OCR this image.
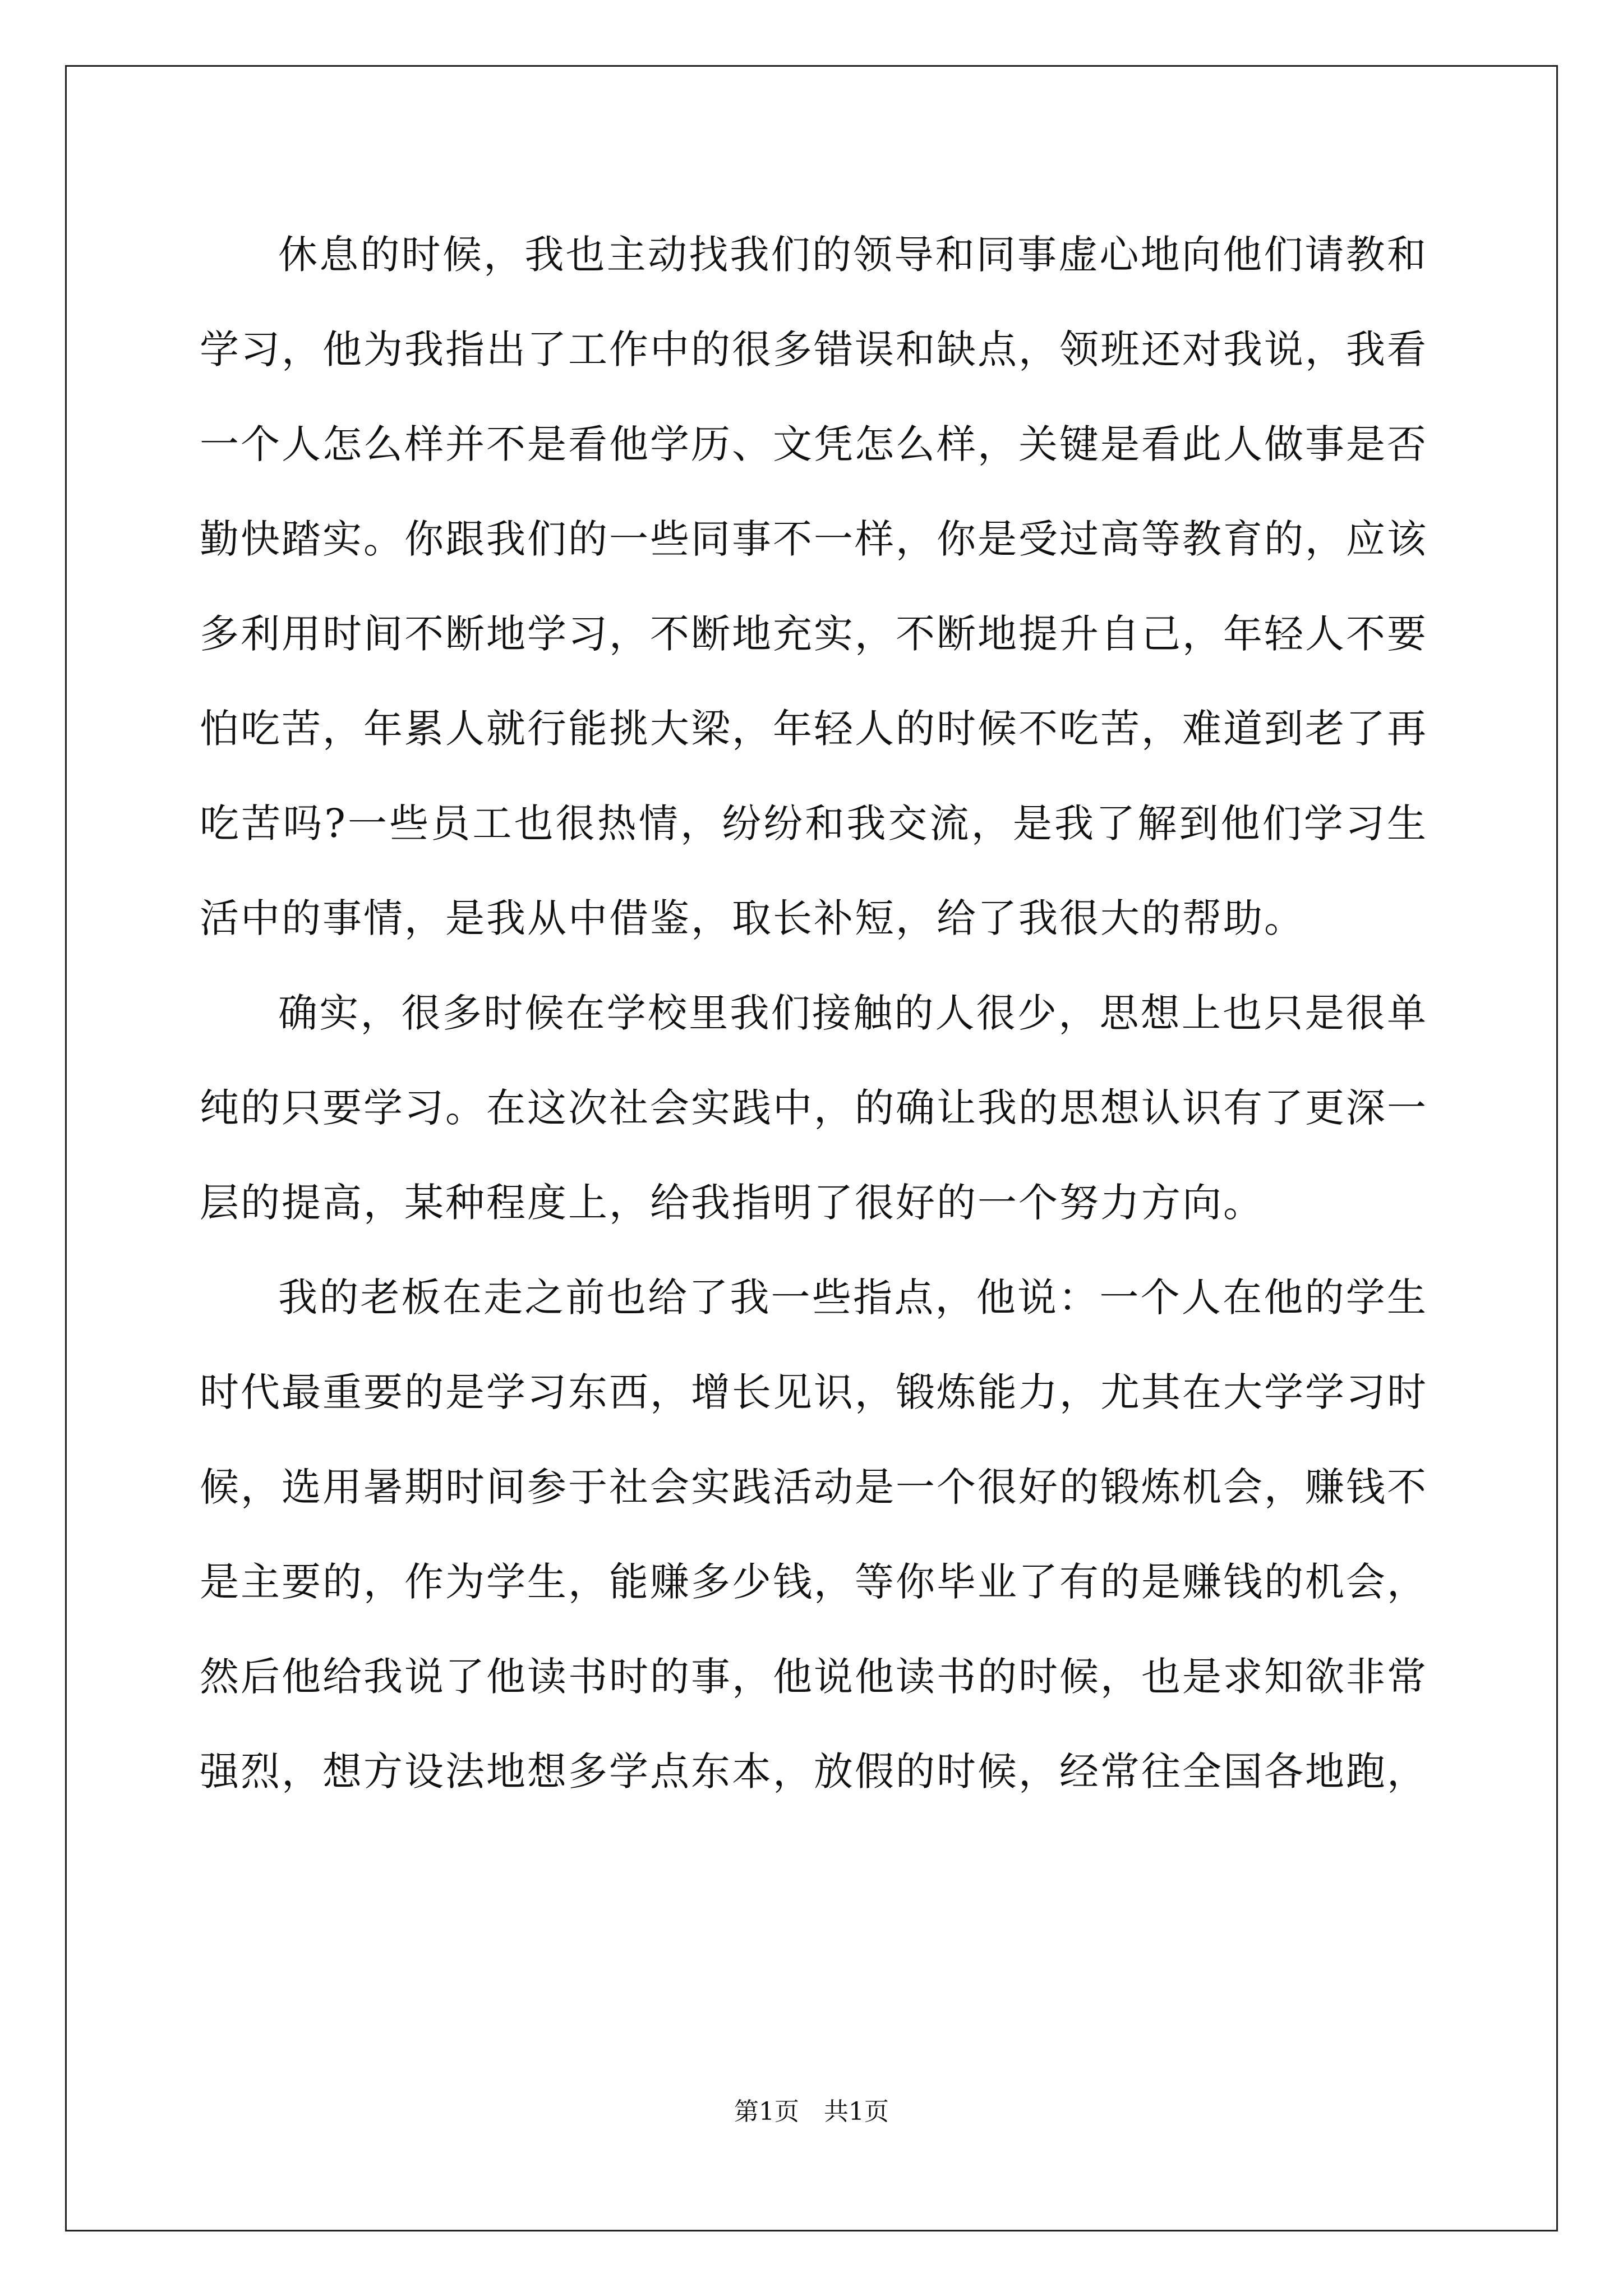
休息的时候，我也主动找我们的领导和同事虚心地向他们请教和学习，他为我指出了工作中的很多错误和缺点，领班还对我说，我看一个人怎么样并不是看他学历、文凭怎么样，关键是看此人做事是否勤快踏实。你跟我们的一些同事不一样，你是受过高等教育的，应该多利用时间不断地学习，不断地充实，不断地提升自己，年轻人不要怕吃苦，年累人就行能挑大梁，年轻人的时候不吃苦，难道到老了再吃苦吗?一些员工也很热情，纷纷和我交流，是我了解到他们学习生活中的事情，是我从中借鉴，取长补短，给了我很大的帮助。

确实，很多时候在学校里我们接触的人很少，思想上也只是很单纯的只要学习。在这次社会实践中，的确让我的思想认识有了更深一层的提高，某种程度上，给我指明了很好的一个努力方向。

我的老板在走之前也给了我一些指点，他说：一个人在他的学生时代最重要的是学习东西，增长见识，锻炼能力，尤其在大学学习时候，选用暑期时间参于社会实践活动是一个很好的锻炼机会，赚钱不是主要的，作为学生，能赚多少钱，等你毕业了有的是赚钱的机会，然后他给我说了他读书时的事，他说他读书的时候，也是求知欲非常强烈，想方设法地想多学点东本，放假的时候，经常往全国各地跑，

第1页 共1页
